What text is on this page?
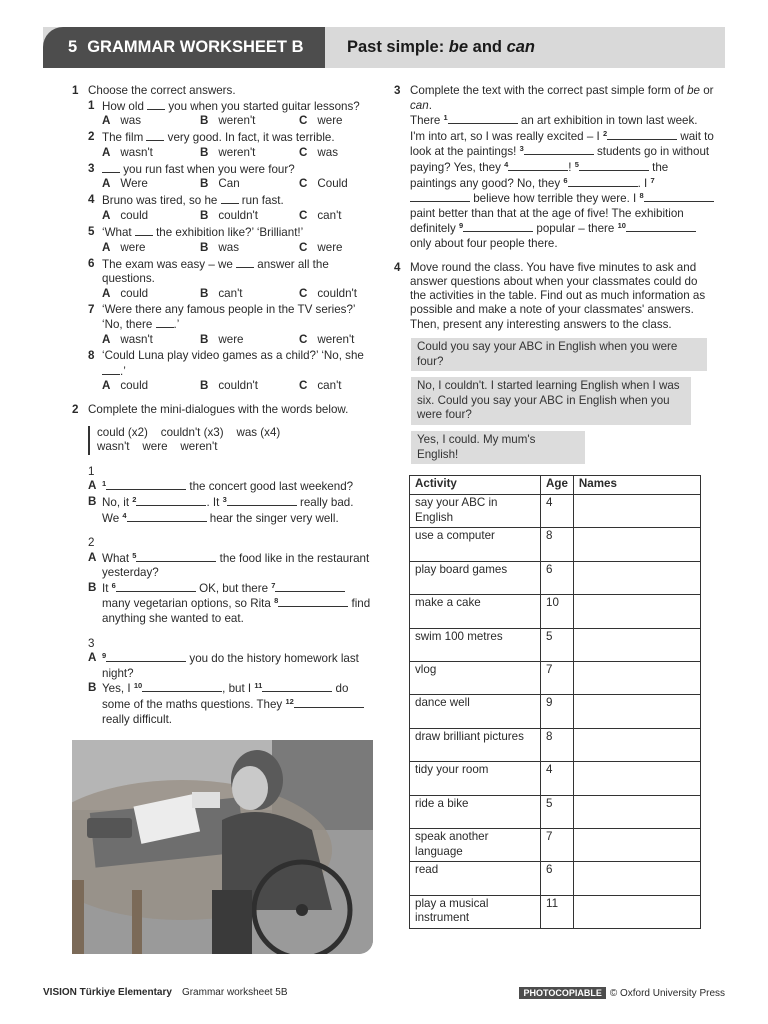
5 GRAMMAR WORKSHEET B	Past simple: be and can
1 Choose the correct answers.
1 How old  you when you started guitar lessons?
A was	B weren't	C were
2 The film  very good. In fact, it was terrible.
A wasn't	B weren't	C was
3 you run fast when you were four?
A Were	B Can	C Could
4 Bruno was tired, so he  run fast.
A could	B couldn't	C can't
5 ‘What  the exhibition like?’ ‘Brilliant!’
A were	B was	C were
6 The exam was easy – we  answer all the questions.
A could	B can't	C couldn't
7 ‘Were there any famous people in the TV series?’ ‘No, there .’
A wasn't	B were	C weren't
8 ‘Could Luna play video games as a child?’ ‘No, she .’
A could	B couldn't	C can't
2 Complete the mini-dialogues with the words below.
could (x2)    couldn't (x3)    was (x4)
wasn't    were    weren't
1
A $^1$	the concert good last weekend?
B No, it $^2$	. It $^3$	really bad. We $^4$	hear the singer very well.
2
A What $^5$	the food like in the restaurant yesterday?
B It $^6$	OK, but there $^7$ many vegetarian options, so Rita $^8$	find anything she wanted to eat.
3
A $^9$	you do the history homework last night?
B Yes, I $^{10}$	, but I $^{11}$	do some of the maths questions. They $^{12}$ really difficult.
3 Complete the text with the correct past simple form of be or can.
There $^1$	an art exhibition in town last week. I'm into art, so I was really excited – I $^2$	wait to look at the paintings! $^3$	students go in without paying? Yes, they $^4$	! $^5$	the paintings any good? No, they $^6$	. I $^7$ believe how terrible they were. I $^8$ paint better than that at the age of five! The exhibition definitely $^9$	popular – there $^{10}$ only about four people there.
4 Move round the class. You have five minutes to ask and answer questions about when your classmates could do the activities in the table. Find out as much information as possible and make a note of your classmates' answers. Then, present any interesting answers to the class.
Could you say your ABC in English when you were four?
No, I couldn't. I started learning English when I was six. Could you say your ABC in English when you were four?
Yes, I could. My mum's English!
Activity	Age	Names
say your ABC in English	4	
use a computer	8	
play board games	6	
make a cake	10	
swim 100 metres	5	
vlog	7	
dance well	9	
draw brilliant pictures	8	
tidy your room	4	
ride a bike	5	
speak another language	7	
read	6	
play a musical instrument	11	
VISION Türkiye Elementary Grammar worksheet 5B	PHOTOCOPIABLE © Oxford University Press
